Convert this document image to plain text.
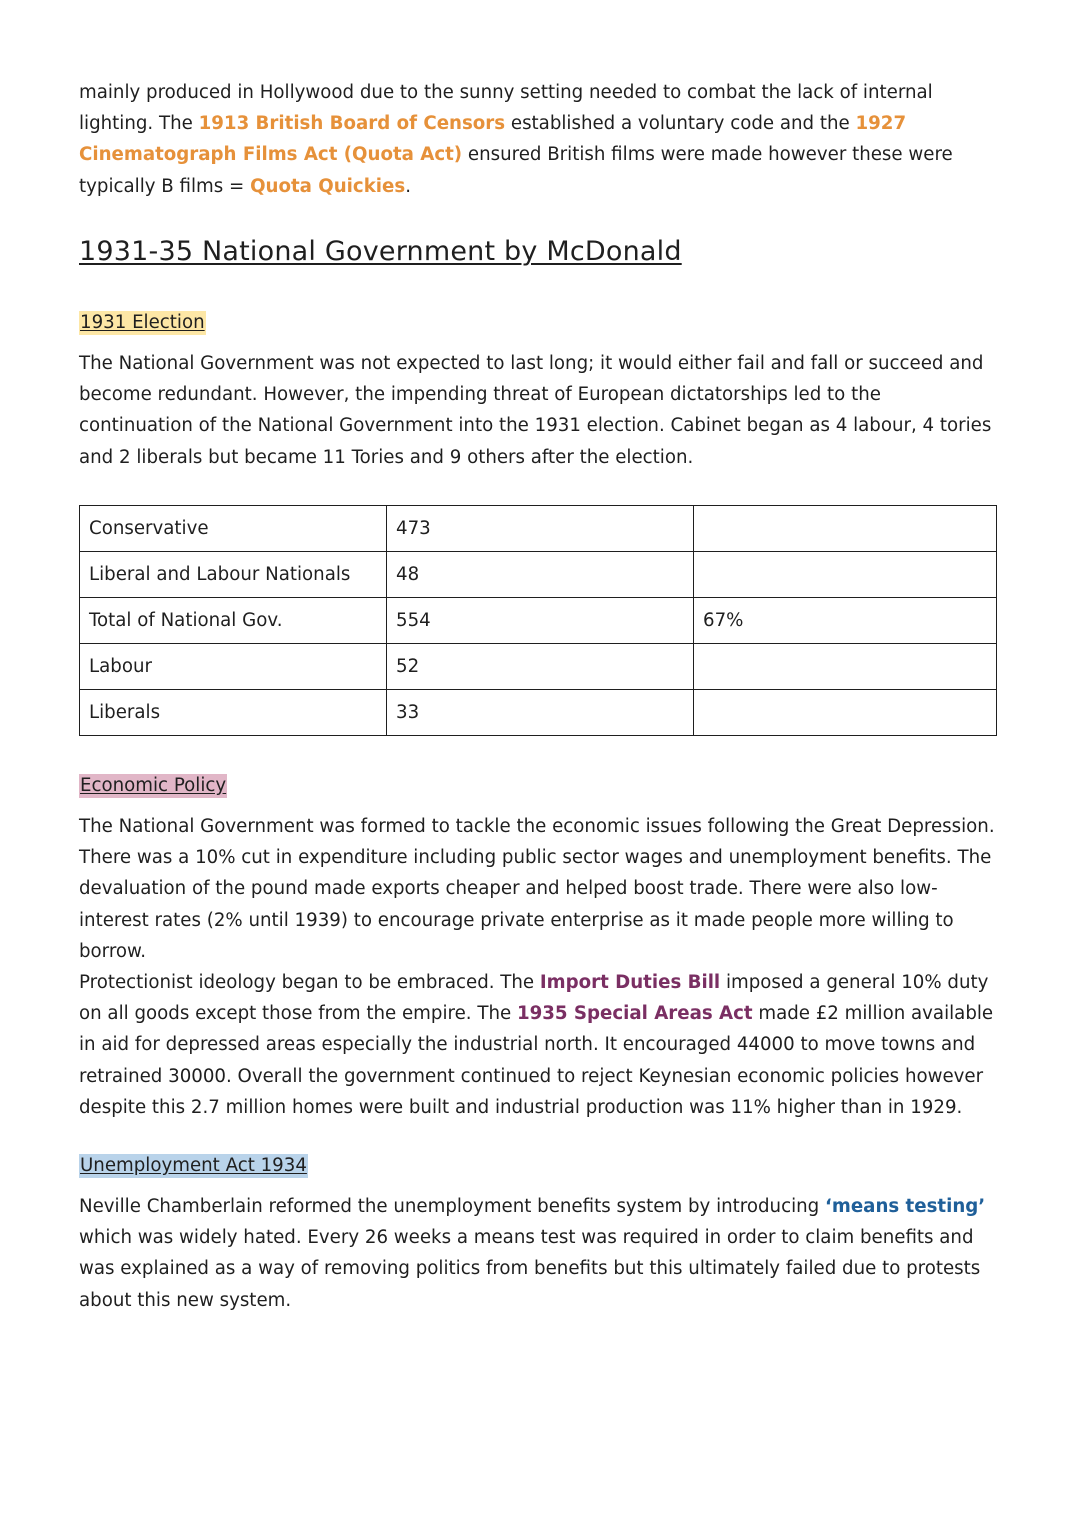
mainly produced in Hollywood due to the sunny setting needed to combat the lack of internal lighting. The 1913 British Board of Censors established a voluntary code and the 1927 Cinematograph Films Act (Quota Act) ensured British films were made however these were typically B films = Quota Quickies.

1931-35 National Government by McDonald
1931 Election

The National Government was not expected to last long; it would either fail and fall or succeed and become redundant. However, the impending threat of European dictatorships led to the continuation of the National Government into the 1931 election. Cabinet began as 4 labour, 4 tories and 2 liberals but became 11 Tories and 9 others after the election.

Conservative	473	
Liberal and Labour Nationals	48	
Total of National Gov.	554	67%
Labour	52	
Liberals	33	
Economic Policy

The National Government was formed to tackle the economic issues following the Great Depression. There was a 10% cut in expenditure including public sector wages and unemployment benefits. The devaluation of the pound made exports cheaper and helped boost trade. There were also low-interest rates (2% until 1939) to encourage private enterprise as it made people more willing to borrow.

Protectionist ideology began to be embraced. The Import Duties Bill imposed a general 10% duty on all goods except those from the empire. The 1935 Special Areas Act made £2 million available in aid for depressed areas especially the industrial north. It encouraged 44000 to move towns and retrained 30000. Overall the government continued to reject Keynesian economic policies however despite this 2.7 million homes were built and industrial production was 11% higher than in 1929.

Unemployment Act 1934

Neville Chamberlain reformed the unemployment benefits system by introducing ‘means testing’ which was widely hated. Every 26 weeks a means test was required in order to claim benefits and was explained as a way of removing politics from benefits but this ultimately failed due to protests about this new system.
